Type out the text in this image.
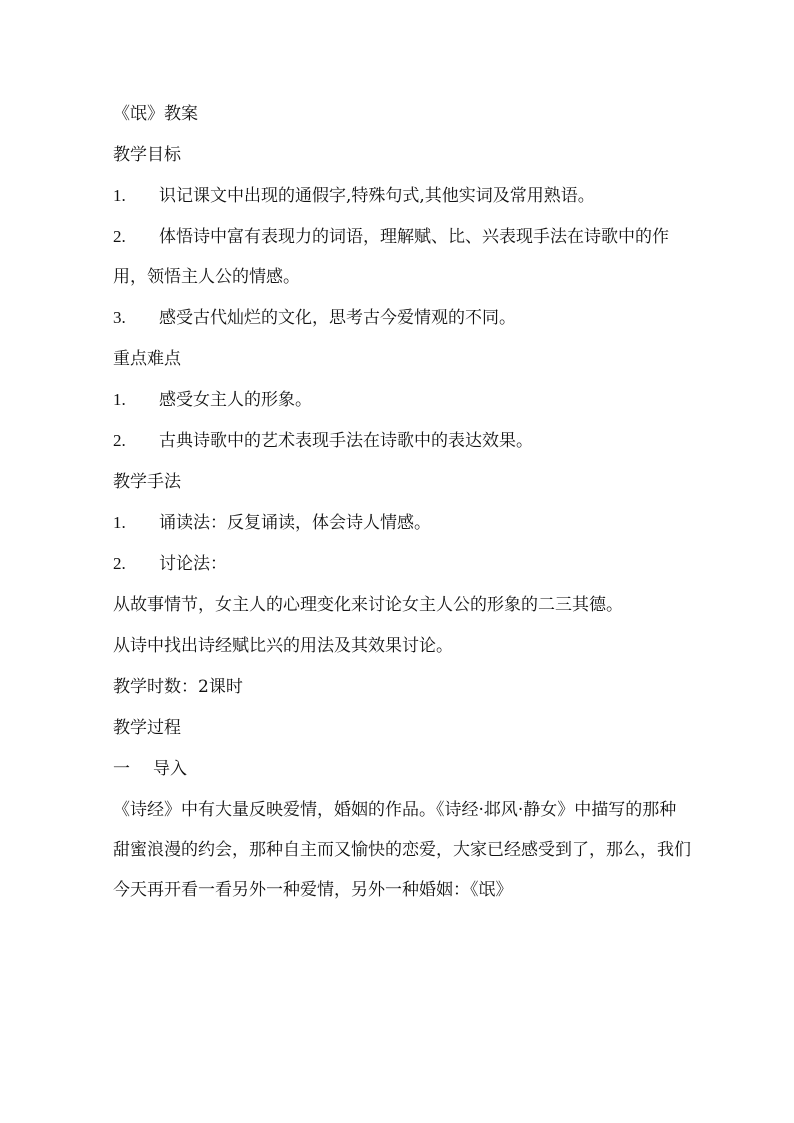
《氓》教案
教学目标
1.	识记课文中出现的通假字,特殊句式,其他实词及常用熟语。
2. 体悟诗中富有表现力的词语，理解赋、比、兴表现手法在诗歌中的作用，领悟主人公的情感。
3.	感受古代灿烂的文化，思考古今爱情观的不同。
重点难点
1.	感受女主人的形象。
2.	古典诗歌中的艺术表现手法在诗歌中的表达效果。
教学手法
1.	诵读法：反复诵读，体会诗人情感。
2.	讨论法：
从故事情节，女主人的心理变化来讨论女主人公的形象的二三其德。
从诗中找出诗经赋比兴的用法及其效果讨论。
教学时数：2课时
教学过程
一	导入
《诗经》中有大量反映爱情，婚姻的作品。《诗经·邶风·静女》中描写的那种甜蜜浪漫的约会，那种自主而又愉快的恋爱，大家已经感受到了，那么，我们今天再开看一看另外一种爱情，另外一种婚姻：《氓》
